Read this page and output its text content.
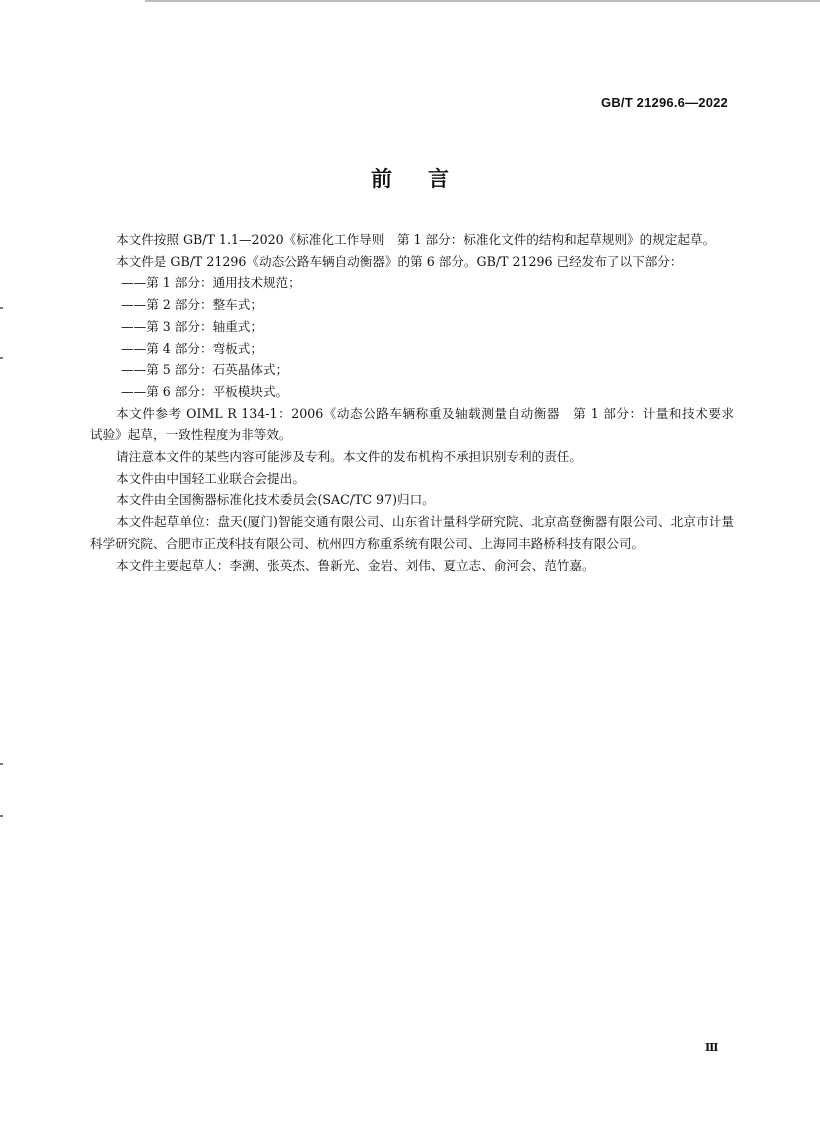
GB/T 21296.6—2022
前 言

本文件按照 GB/T 1.1—2020《标准化工作导则　第 1 部分：标准化文件的结构和起草规则》的规定起草。

本文件是 GB/T 21296《动态公路车辆自动衡器》的第 6 部分。GB/T 21296 已经发布了以下部分：

——第 1 部分：通用技术规范；

——第 2 部分：整车式；

——第 3 部分：轴重式；

——第 4 部分：弯板式；

——第 5 部分：石英晶体式；

——第 6 部分：平板模块式。

本文件参考 OIML R 134-1：2006《动态公路车辆称重及轴载测量自动衡器　第 1 部分：计量和技术要求　试验》起草，一致性程度为非等效。

请注意本文件的某些内容可能涉及专利。本文件的发布机构不承担识别专利的责任。

本文件由中国轻工业联合会提出。

本文件由全国衡器标准化技术委员会(SAC/TC 97)归口。

本文件起草单位：盘天(厦门)智能交通有限公司、山东省计量科学研究院、北京高登衡器有限公司、北京市计量科学研究院、合肥市正茂科技有限公司、杭州四方称重系统有限公司、上海同丰路桥科技有限公司。

本文件主要起草人：李溯、张英杰、鲁新光、金岩、刘伟、夏立志、俞河会、范竹嘉。

Ⅲ
